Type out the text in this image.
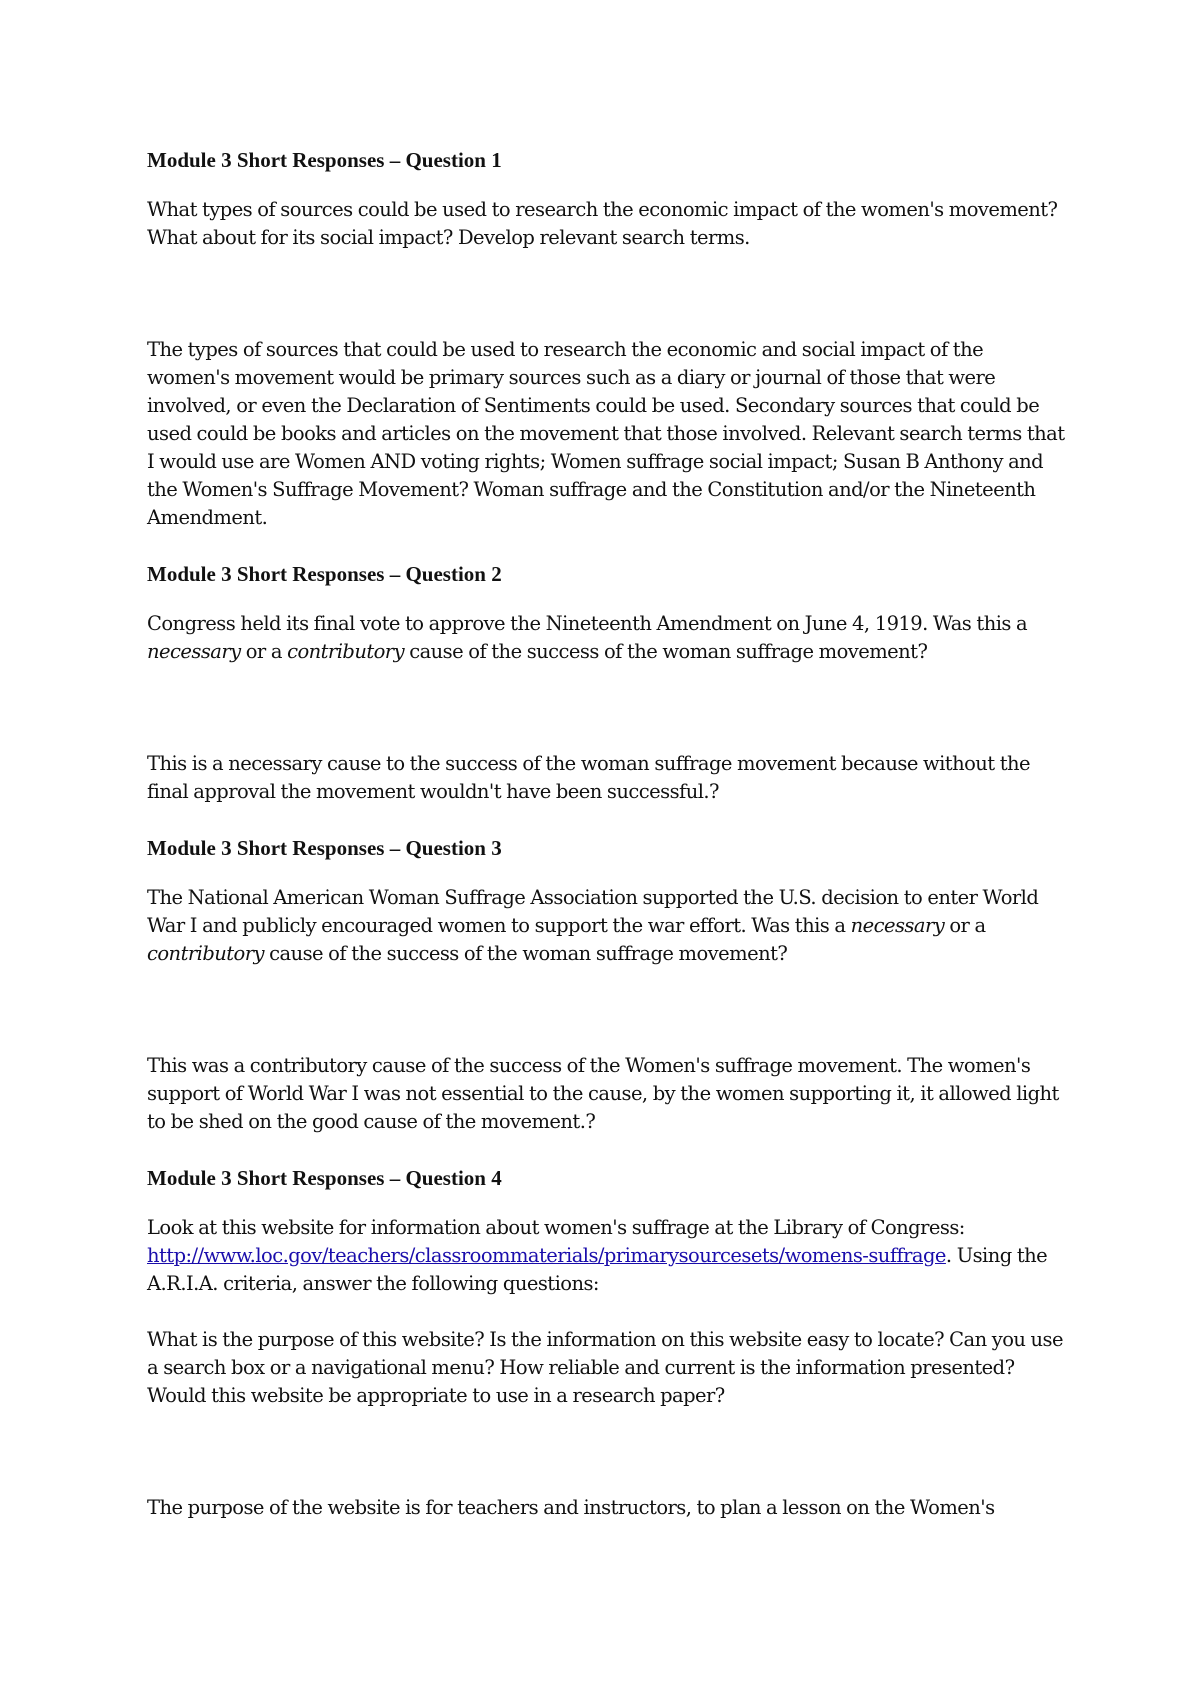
Module 3 Short Responses – Question 1

What types of sources could be used to research the economic impact of the women's movement? What about for its social impact? Develop relevant search terms.

The types of sources that could be used to research the economic and social impact of the women's movement would be primary sources such as a diary or journal of those that were involved, or even the Declaration of Sentiments could be used. Secondary sources that could be used could be books and articles on the movement that those involved. Relevant search terms that I would use are Women AND voting rights; Women suffrage social impact; Susan B Anthony and the Women's Suffrage Movement? Woman suffrage and the Constitution and/or the Nineteenth Amendment.

Module 3 Short Responses – Question 2

Congress held its final vote to approve the Nineteenth Amendment on June 4, 1919. Was this a necessary or a contributory cause of the success of the woman suffrage movement?

This is a necessary cause to the success of the woman suffrage movement because without the final approval the movement wouldn't have been successful.?

Module 3 Short Responses – Question 3

The National American Woman Suffrage Association supported the U.S. decision to enter World War I and publicly encouraged women to support the war effort. Was this a necessary or a contributory cause of the success of the woman suffrage movement?

This was a contributory cause of the success of the Women's suffrage movement. The women's support of World War I was not essential to the cause, by the women supporting it, it allowed light to be shed on the good cause of the movement.?

Module 3 Short Responses – Question 4

Look at this website for information about women's suffrage at the Library of Congress: http://www.loc.gov/teachers/classroommaterials/primarysourcesets/womens-suffrage. Using the A.R.I.A. criteria, answer the following questions:

What is the purpose of this website? Is the information on this website easy to locate? Can you use a search box or a navigational menu? How reliable and current is the information presented? Would this website be appropriate to use in a research paper?

The purpose of the website is for teachers and instructors, to plan a lesson on the Women's
